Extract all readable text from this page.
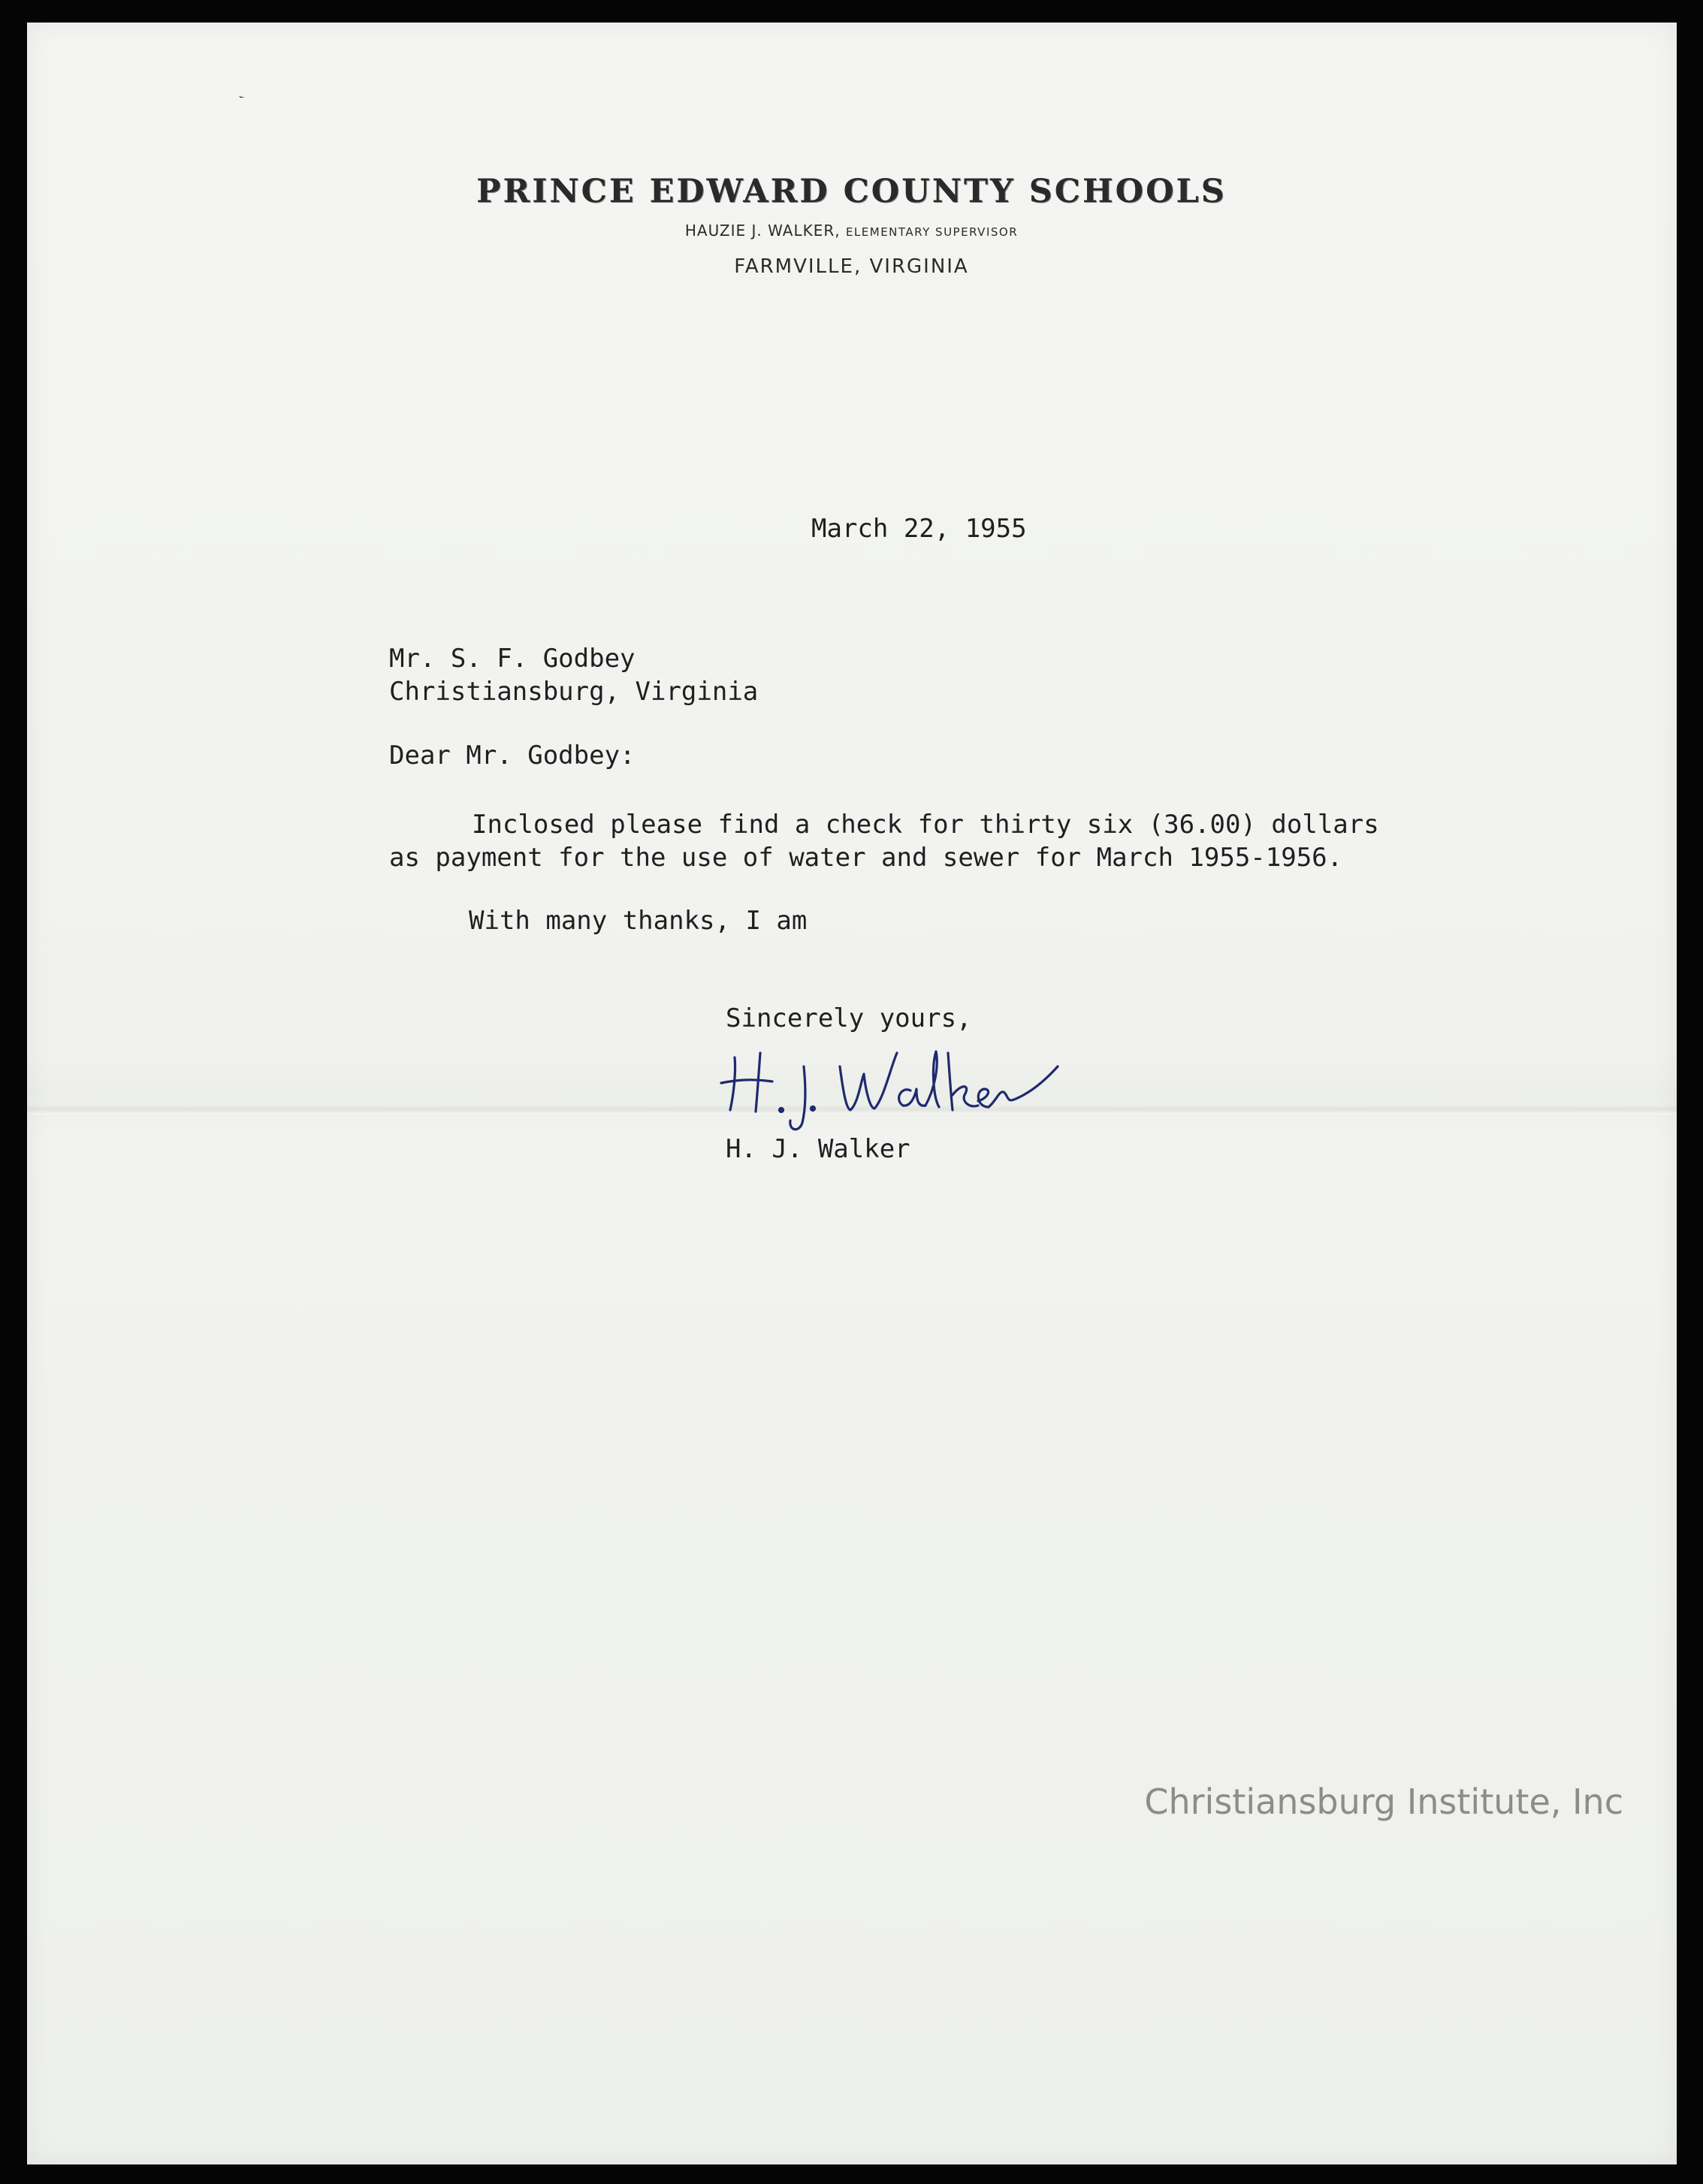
PRINCE EDWARD COUNTY SCHOOLS
HAUZIE J. WALKER, ELEMENTARY SUPERVISOR
FARMVILLE, VIRGINIA
March 22, 1955
Mr. S. F. Godbey
Christiansburg, Virginia
Dear Mr. Godbey:
Inclosed please find a check for thirty six (36.00) dollars
as payment for the use of water and sewer for March 1955-1956.
With many thanks, I am
Sincerely yours,
H. J. Walker
Christiansburg Institute, Inc
